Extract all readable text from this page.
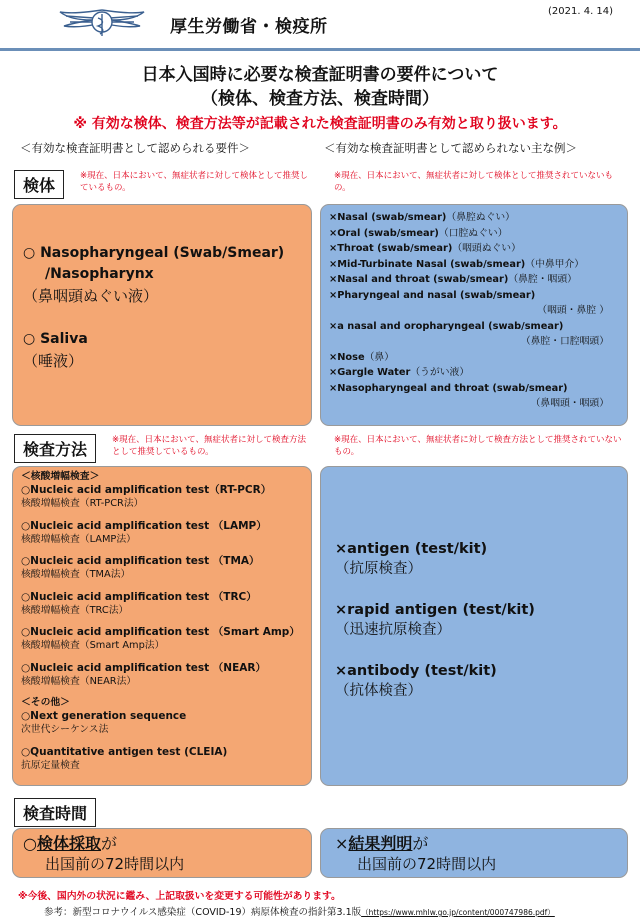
厚生労働省・検疫所
(2021. 4. 14)
日本入国時に必要な検査証明書の要件について
（検体、検査方法、検査時間）
※ 有効な検体、検査方法等が記載された検査証明書のみ有効と取り扱います。
＜有効な検査証明書として認められる要件＞	＜有効な検査証明書として認められない主な例＞
検体	※現在、日本において、無症状者に対して検体として推奨しているもの。
※現在、日本において、無症状者に対して検体として推奨されていないもの。
○ Nasopharyngeal (Swab/Smear)
/Nasopharynx
（鼻咽頭ぬぐい液）
○ Saliva
（唾液）
×Nasal (swab/smear)（鼻腔ぬぐい）
×Oral (swab/smear)（口腔ぬぐい）
×Throat (swab/smear)（咽頭ぬぐい）
×Mid-Turbinate Nasal (swab/smear)（中鼻甲介）
×Nasal and throat (swab/smear)（鼻腔・咽頭）
×Pharyngeal and nasal (swab/smear)
（咽頭・鼻腔 ）
×a nasal and oropharyngeal (swab/smear)
（鼻腔・口腔咽頭）
×Nose（鼻）
×Gargle Water（うがい液）
×Nasopharyngeal and throat (swab/smear)
（鼻咽頭・咽頭）
検査方法	※現在、日本において、無症状者に対して検査方法として推奨しているもの。
※現在、日本において、無症状者に対して検査方法として推奨されていないもの。
＜核酸増幅検査＞
○Nucleic acid amplification test（RT-PCR）
核酸増幅検査（RT-PCR法）
○Nucleic acid amplification test （LAMP）
核酸増幅検査（LAMP法）
○Nucleic acid amplification test （TMA）
核酸増幅検査（TMA法）
○Nucleic acid amplification test （TRC）
核酸増幅検査（TRC法）
○Nucleic acid amplification test （Smart Amp）
核酸増幅検査（Smart Amp法）
○Nucleic acid amplification test （NEAR）
核酸増幅検査（NEAR法）
＜その他＞
○Next generation sequence
次世代シーケンス法
○Quantitative antigen test (CLEIA)
抗原定量検査
×antigen (test/kit)
（抗原検査）
×rapid antigen (test/kit)
（迅速抗原検査）
×antibody (test/kit)
（抗体検査）
検査時間
○検体採取が
出国前の72時間以内
×結果判明が
出国前の72時間以内
※今後、国内外の状況に鑑み、上記取扱いを変更する可能性があります。
参考：新型コロナウイルス感染症（COVID-19）病原体検査の指針第3.1版（https://www.mhlw.go.jp/content/000747986.pdf）
